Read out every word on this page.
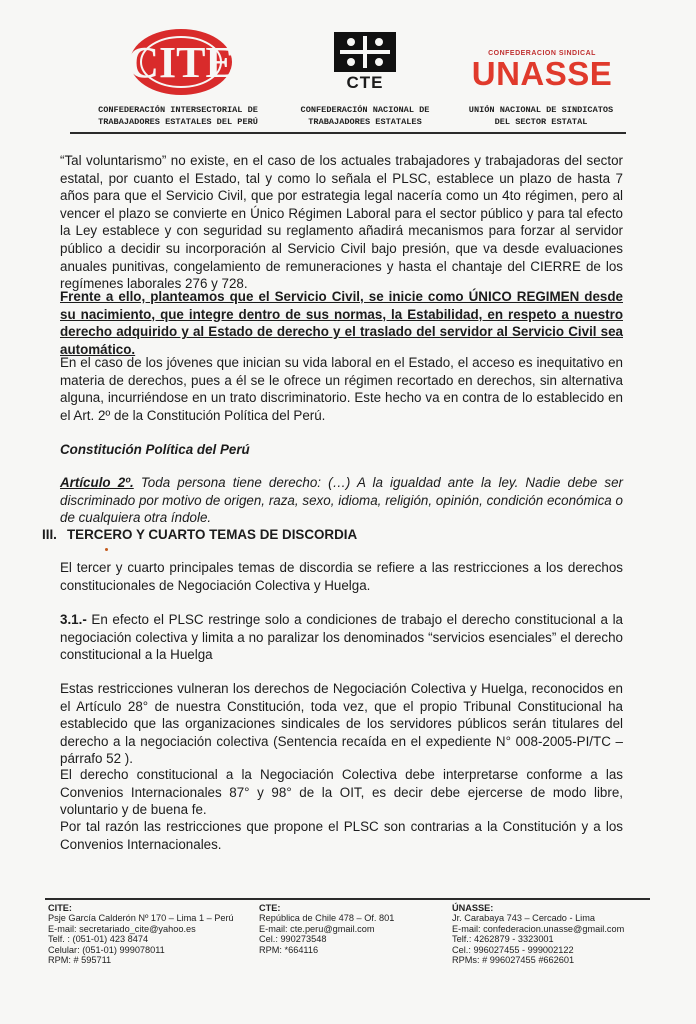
CITE	CTE
CONFEDERACION SINDICAL
UNASSE
CONFEDERACIÓN INTERSECTORIAL DE
TRABAJADORES ESTATALES DEL PERÚ
CONFEDERACIÓN NACIONAL DE
TRABAJADORES ESTATALES
UNIÓN NACIONAL DE SINDICATOS
DEL SECTOR ESTATAL
“Tal voluntarismo” no existe, en el caso de los actuales trabajadores y trabajadoras del sector estatal, por cuanto el Estado, tal y como lo señala el PLSC, establece un plazo de hasta 7 años para que el Servicio Civil, que por estrategia legal nacería como un 4to régimen, pero al vencer el plazo se convierte en Único Régimen Laboral para el sector público y para tal efecto la Ley establece y con seguridad su reglamento añadirá mecanismos para forzar al servidor público a decidir su incorporación al Servicio Civil bajo presión, que va desde evaluaciones anuales punitivas, congelamiento de remuneraciones y hasta el chantaje del CIERRE de los regímenes laborales 276 y 728.
Frente a ello, planteamos que el Servicio Civil, se inicie como ÚNICO REGIMEN desde su nacimiento, que integre dentro de sus normas, la Estabilidad, en respeto a nuestro derecho adquirido y al Estado de derecho y el traslado del servidor al Servicio Civil sea automático.
En el caso de los jóvenes que inician su vida laboral en el Estado, el acceso es inequitativo en materia de derechos, pues a él se le ofrece un régimen recortado en derechos, sin alternativa alguna, incurriéndose en un trato discriminatorio. Este hecho va en contra de lo establecido en el Art. 2º de la Constitución Política del Perú.
Constitución Política del Perú
Artículo 2º. Toda persona tiene derecho: (…) A la igualdad ante la ley. Nadie debe ser discriminado por motivo de origen, raza, sexo, idioma, religión, opinión, condición económica o de cualquiera otra índole.
III. TERCERO Y CUARTO TEMAS DE DISCORDIA
El tercer y cuarto principales temas de discordia se refiere a las restricciones a los derechos constitucionales de Negociación Colectiva y Huelga.
3.1.- En efecto el PLSC restringe solo a condiciones de trabajo el derecho constitucional a la negociación colectiva y limita a no paralizar los denominados “servicios esenciales” el derecho constitucional a la Huelga
Estas restricciones vulneran los derechos de Negociación Colectiva y Huelga, reconocidos en el Artículo 28° de nuestra Constitución, toda vez, que el propio Tribunal Constitucional ha establecido que las organizaciones sindicales de los servidores públicos serán titulares del derecho a la negociación colectiva (Sentencia recaída en el expediente N° 008-2005-PI/TC – párrafo 52 ).
El derecho constitucional a la Negociación Colectiva debe interpretarse conforme a las Convenios Internacionales 87° y 98° de la OIT, es decir debe ejercerse de modo libre, voluntario y de buena fe.
Por tal razón las restricciones que propone el PLSC son contrarias a la Constitución y a los Convenios Internacionales.
CITE:
Psje García Calderón Nº 170 – Lima 1 – Perú
E-mail: secretariado_cite@yahoo.es
Telf. : (051-01) 423 8474
Celular: (051-01) 999078011
RPM: # 595711
CTE:
República de Chile 478 – Of. 801
E-mail: cte.peru@gmail.com
Cel.: 990273548
RPM: *664116
ÚNASSE:
Jr. Carabaya 743 – Cercado - Lima
E-mail: confederacion.unasse@gmail.com
Telf.: 4262879 - 3323001
Cel.: 996027455 - 999002122
RPMs: # 996027455 #662601
